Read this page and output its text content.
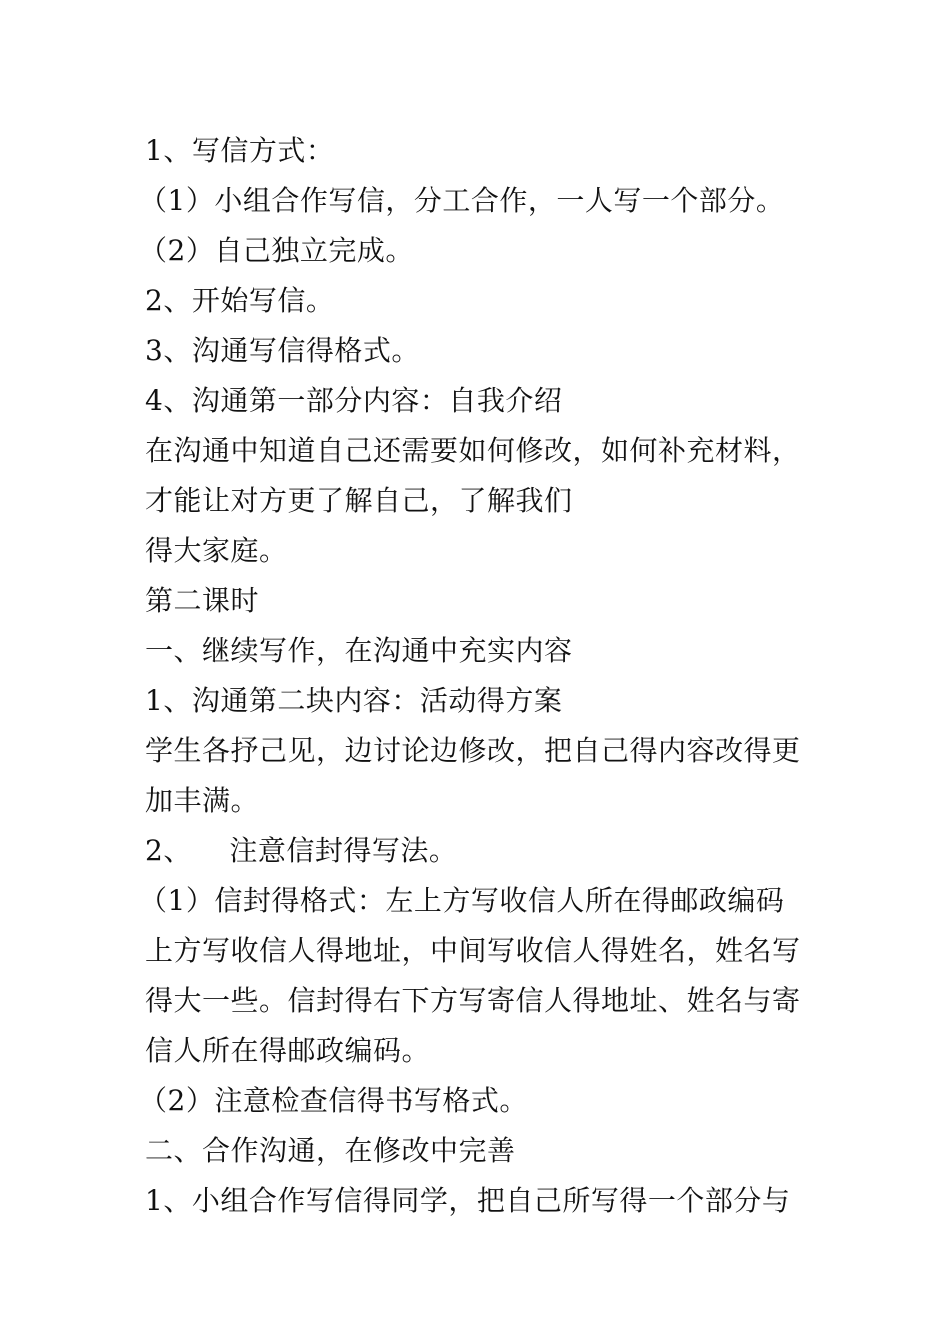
1、写信方式：
（1）小组合作写信，分工合作，一人写一个部分。
（2）自己独立完成。
2、开始写信。
3、沟通写信得格式。
4、沟通第一部分内容：自我介绍
在沟通中知道自己还需要如何修改，如何补充材料，
才能让对方更了解自己，了解我们
得大家庭。
第二课时
一、继续写作，在沟通中充实内容
1、沟通第二块内容：活动得方案
学生各抒己见，边讨论边修改，把自己得内容改得更
加丰满。
2、    注意信封得写法。
（1）信封得格式：左上方写收信人所在得邮政编码
上方写收信人得地址，中间写收信人得姓名，姓名写
得大一些。信封得右下方写寄信人得地址、姓名与寄
信人所在得邮政编码。
（2）注意检查信得书写格式。
二、合作沟通，在修改中完善
1、小组合作写信得同学，把自己所写得一个部分与
